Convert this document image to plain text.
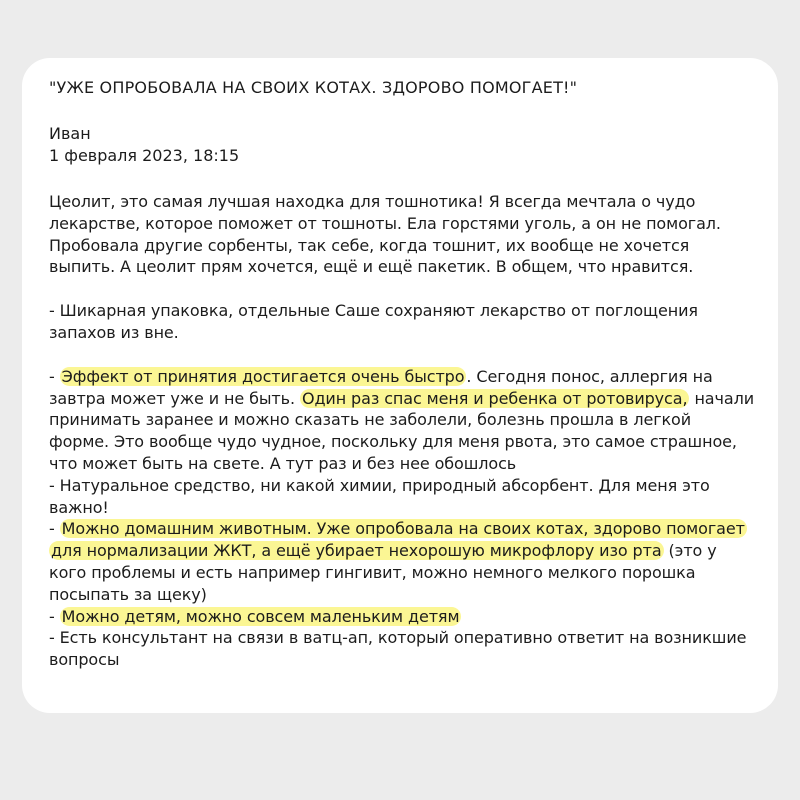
"УЖЕ ОПРОБОВАЛА НА СВОИХ КОТАХ. ЗДОРОВО ПОМОГАЕТ!"

Иван
1 февраля 2023, 18:15

Цеолит, это самая лучшая находка для тошнотика! Я всегда мечтала о чудо лекарстве, которое поможет от тошноты. Ела горстями уголь, а он не помогал. Пробовала другие сорбенты, так себе, когда тошнит, их вообще не хочется выпить. А цеолит прям хочется, ещё и ещё пакетик. В общем, что нравится.

- Шикарная упаковка, отдельные Саше сохраняют лекарство от поглощения запахов из вне.

- Эффект от принятия достигается очень быстро . Сегодня понос, аллергия на завтра может уже и не быть. Один раз спас меня и ребенка от ротовируса, начали принимать заранее и можно сказать не заболели, болезнь прошла в легкой форме. Это вообще чудо чудное, поскольку для меня рвота, это самое страшное, что может быть на свете. А тут раз и без нее обошлось

- Натуральное средство, ни какой химии, природный абсорбент. Для меня это важно!

- Можно домашним животным. Уже опробовала на своих котах, здорово помогает для нормализации ЖКТ, а ещё убирает нехорошую микрофлору изо рта (это у кого проблемы и есть например гингивит, можно немного мелкого порошка посыпать за щеку)

- Можно детям, можно совсем маленьким детям

- Есть консультант на связи в ватц-ап, который оперативно ответит на возникшие вопросы
